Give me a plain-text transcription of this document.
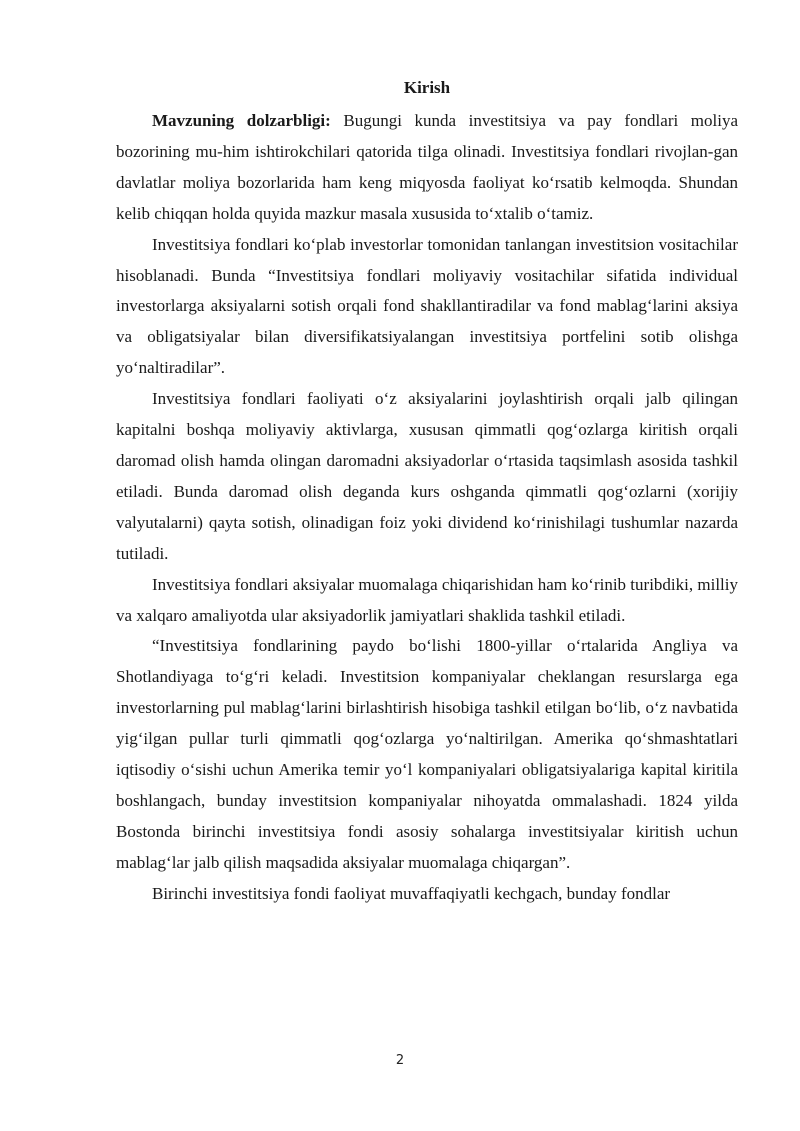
Kirish

Mavzuning dolzarbligi: Bugungi kunda investitsiya va pay fondlari moliya bozorining mu-him ishtirokchilari qatorida tilga olinadi. Investitsiya fondlari rivojlan-gan davlatlar moliya bozorlarida ham keng miqyosda faoliyat ko‘rsatib kelmoqda. Shundan kelib chiqqan holda quyida mazkur masala xususida to‘xtalib o‘tamiz.

Investitsiya fondlari ko‘plab investorlar tomonidan tanlangan investitsion vositachilar hisoblanadi. Bunda “Investitsiya fondlari moliyaviy vositachilar sifatida individual investorlarga aksiyalarni sotish orqali fond shakllantiradilar va fond mablag‘larini aksiya va obligatsiyalar bilan diversifikatsiyalangan investitsiya portfelini sotib olishga yo‘naltiradilar”.

Investitsiya fondlari faoliyati o‘z aksiyalarini joylashtirish orqali jalb qilingan kapitalni boshqa moliyaviy aktivlarga, xususan qimmatli qog‘ozlarga kiritish orqali daromad olish hamda olingan daromadni aksiyadorlar o‘rtasida taqsimlash asosida tashkil etiladi. Bunda daromad olish deganda kurs oshganda qimmatli qog‘ozlarni (xorijiy valyutalarni) qayta sotish, olinadigan foiz yoki dividend ko‘rinishilagi tushumlar nazarda tutiladi.

Investitsiya fondlari aksiyalar muomalaga chiqarishidan ham ko‘rinib turibdiki, milliy va xalqaro amaliyotda ular aksiyadorlik jamiyatlari shaklida tashkil etiladi.

“Investitsiya fondlarining paydo bo‘lishi 1800-yillar o‘rtalarida Angliya va Shotlandiyaga to‘g‘ri keladi. Investitsion kompaniyalar cheklangan resurslarga ega investorlarning pul mablag‘larini birlashtirish hisobiga tashkil etilgan bo‘lib, o‘z navbatida yig‘ilgan pullar turli qimmatli qog‘ozlarga yo‘naltirilgan. Amerika qo‘shmashtatlari iqtisodiy o‘sishi uchun Amerika temir yo‘l kompaniyalari obligatsiyalariga kapital kiritila boshlangach, bunday investitsion kompaniyalar nihoyatda ommalashadi. 1824 yilda Bostonda birinchi investitsiya fondi asosiy sohalarga investitsiyalar kiritish uchun mablag‘lar jalb qilish maqsadida aksiyalar muomalaga chiqargan”.

Birinchi investitsiya fondi faoliyat muvaffaqiyatli kechgach, bunday fondlar

2
